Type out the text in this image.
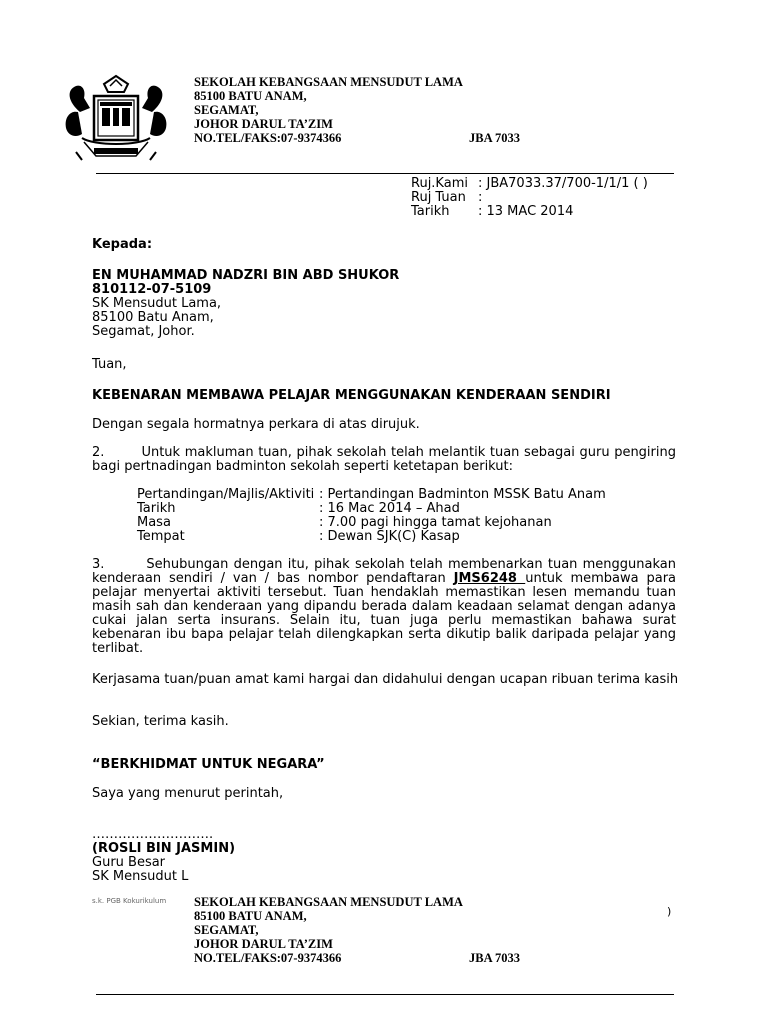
SEKOLAH KEBANGSAAN MENSUDUT LAMA
85100 BATU ANAM,
SEGAMAT,
JOHOR DARUL TA’ZIM
NO.TEL/FAKS:07-9374366	JBA 7033
Ruj.Kami : JBA7033.37/700-1/1/1 ( )
Ruj Tuan :
Tarikh : 13 MAC 2014
Kepada:
EN MUHAMMAD NADZRI BIN ABD SHUKOR
810112-07-5109
SK Mensudut Lama,
85100 Batu Anam,
Segamat, Johor.
Tuan,
KEBENARAN MEMBAWA PELAJAR MENGGUNAKAN KENDERAAN SENDIRI
Dengan segala hormatnya perkara di atas dirujuk.
2.        Untuk makluman tuan, pihak sekolah telah melantik tuan sebagai guru pengiring bagi pertnadingan badminton sekolah seperti ketetapan berikut:
Pertandingan/Majlis/Aktiviti : Pertandingan Badminton MSSK Batu Anam
Tarikh	: 16 Mac 2014 – Ahad
Masa	: 7.00 pagi hingga tamat kejohanan
Tempat	: Dewan SJK(C) Kasap
3.        Sehubungan dengan itu, pihak sekolah telah membenarkan tuan menggunakan kenderaan sendiri / van / bas nombor pendaftaran JMS6248 untuk membawa para pelajar menyertai aktiviti tersebut. Tuan hendaklah memastikan lesen memandu tuan masih sah dan kenderaan yang dipandu berada dalam keadaan selamat dengan adanya cukai jalan serta insurans. Selain itu, tuan juga perlu memastikan bahawa surat kebenaran ibu bapa pelajar telah dilengkapkan serta dikutip balik daripada pelajar yang terlibat.
Kerjasama tuan/puan amat kami hargai dan didahului dengan ucapan ribuan terima kasih
Sekian, terima kasih.
“BERKHIDMAT UNTUK NEGARA”
Saya yang menurut perintah,
……………………….
(ROSLI BIN JASMIN)
Guru Besar
SK Mensudut L
s.k. PGB Kokurikulum SEKOLAH KEBANGSAAN MENSUDUT LAMA
85100 BATU ANAM,
SEGAMAT,
JOHOR DARUL TA’ZIM
NO.TEL/FAKS:07-9374366	JBA 7033
)
